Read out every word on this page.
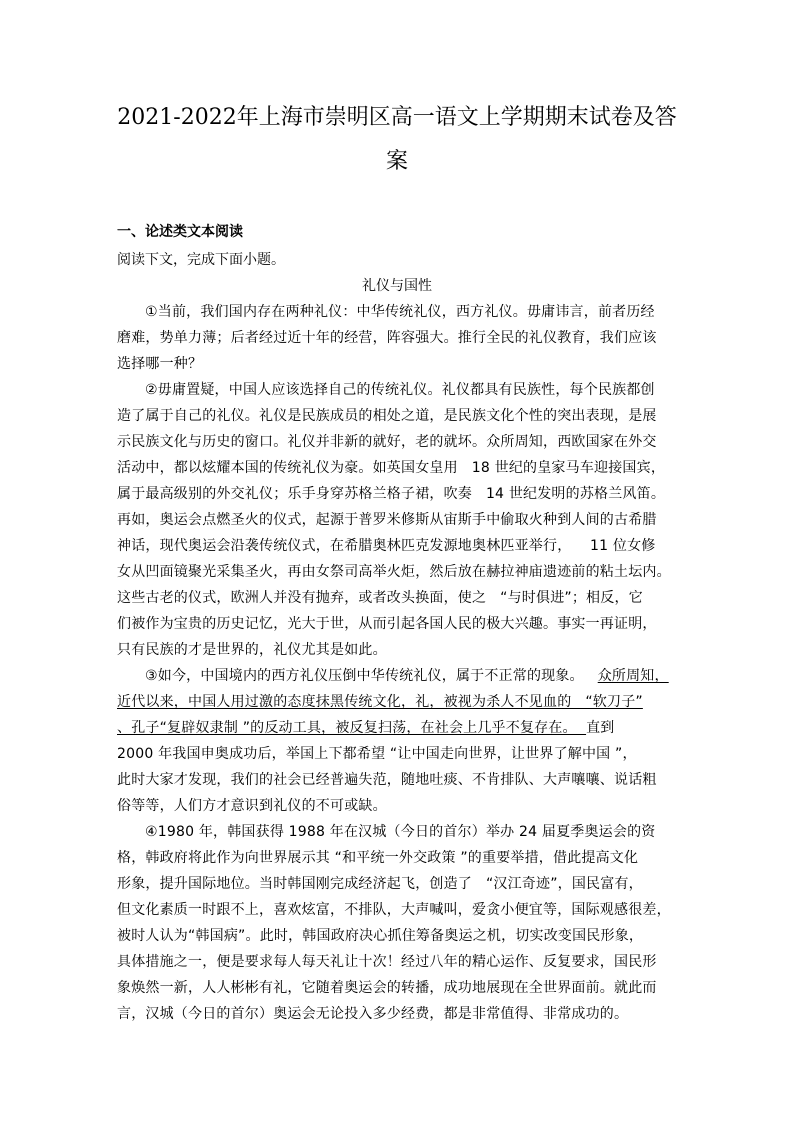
2021-2022年上海市崇明区高一语文上学期期末试卷及答
案
一、论述类文本阅读
阅读下文，完成下面小题。
礼仪与国性
①当前，我们国内存在两种礼仪：中华传统礼仪，西方礼仪。毋庸讳言，前者历经
磨难，势单力薄；后者经过近十年的经营，阵容强大。推行全民的礼仪教育，我们应该
选择哪一种？
②毋庸置疑，中国人应该选择自己的传统礼仪。礼仪都具有民族性，每个民族都创
造了属于自己的礼仪。礼仪是民族成员的相处之道，是民族文化个性的突出表现，是展
示民族文化与历史的窗口。礼仪并非新的就好，老的就坏。众所周知，西欧国家在外交
活动中，都以炫耀本国的传统礼仪为豪。如英国女皇用   18 世纪的皇家马车迎接国宾，
属于最高级别的外交礼仪；乐手身穿苏格兰格子裙，吹奏   14 世纪发明的苏格兰风笛。
再如，奥运会点燃圣火的仪式，起源于普罗米修斯从宙斯手中偷取火种到人间的古希腊
神话，现代奥运会沿袭传统仪式，在希腊奥林匹克发源地奥林匹亚举行，    11 位女修
女从凹面镜聚光采集圣火，再由女祭司高举火炬，然后放在赫拉神庙遗迹前的粘土坛内。
这些古老的仪式，欧洲人并没有抛弃，或者改头换面，使之   “与时俱进”；相反，它
们被作为宝贵的历史记忆，光大于世，从而引起各国人民的极大兴趣。事实一再证明，
只有民族的才是世界的，礼仪尤其是如此。
③如今，中国境内的西方礼仪压倒中华传统礼仪，属于不正常的现象。   众所周知，
近代以来，中国人用过激的态度抹黑传统文化，礼，被视为杀人不见血的   “软刀子”
、孔子“复辟奴隶制 ”的反动工具，被反复扫荡，在社会上几乎不复存在。  直到
2000 年我国申奥成功后，举国上下都希望 “让中国走向世界，让世界了解中国 ”，
此时大家才发现，我们的社会已经普遍失范，随地吐痰、不肯排队、大声嚷嚷、说话粗
俗等等，人们方才意识到礼仪的不可或缺。
④1980 年，韩国获得 1988 年在汉城（今日的首尔）举办 24 届夏季奥运会的资
格，韩政府将此作为向世界展示其 “和平统一外交政策 ”的重要举措，借此提高文化
形象，提升国际地位。当时韩国刚完成经济起飞，创造了   “汉江奇迹”，国民富有，
但文化素质一时跟不上，喜欢炫富，不排队，大声喊叫，爱贪小便宜等，国际观感很差，
被时人认为“韩国病”。此时，韩国政府决心抓住筹备奥运之机，切实改变国民形象，
具体措施之一，便是要求每人每天礼让十次！经过八年的精心运作、反复要求，国民形
象焕然一新，人人彬彬有礼，它随着奥运会的转播，成功地展现在全世界面前。就此而
言，汉城（今日的首尔）奥运会无论投入多少经费，都是非常值得、非常成功的。
